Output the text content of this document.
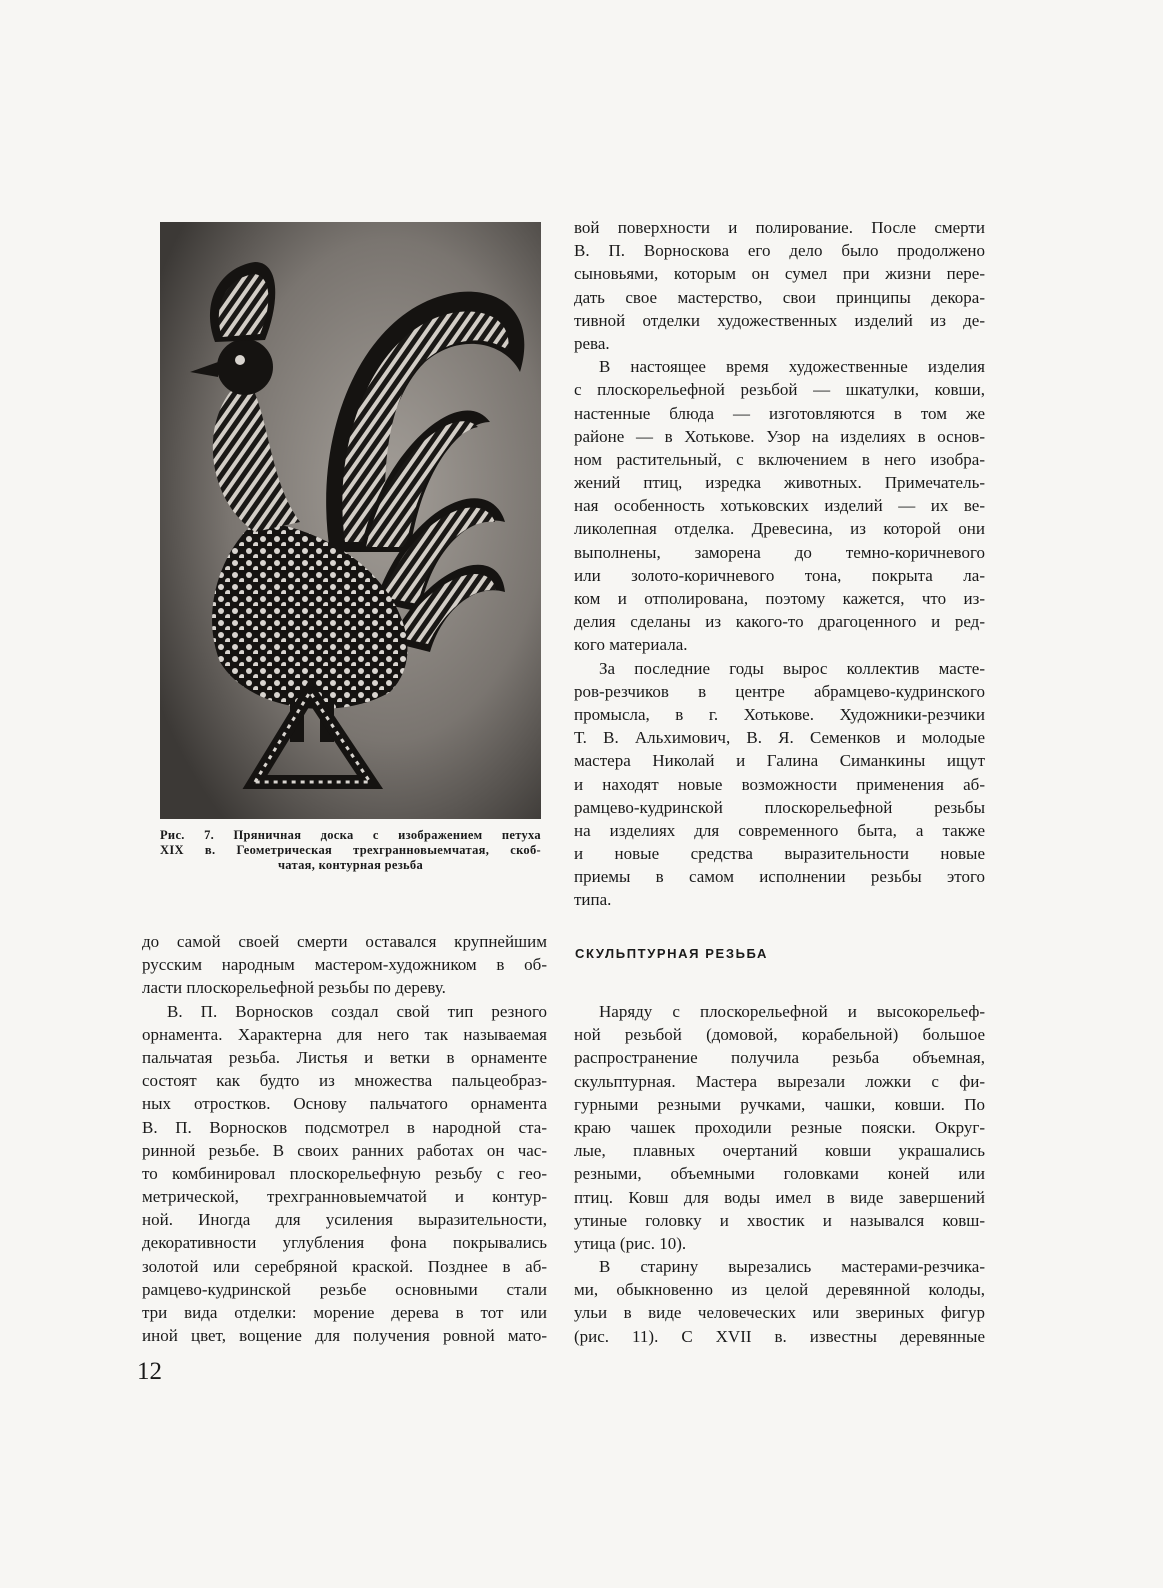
Рис. 7. Пряничная доска с изображением петуха
XIX в. Геометрическая трехгранновыемчатая, скоб-
чатая, контурная резьба
вой поверхности и полирование. После смерти
В. П. Ворноскова его дело было продолжено
сыновьями, которым он сумел при жизни пере-
дать свое мастерство, свои принципы декора-
тивной отделки художественных изделий из де-
рева.
В настоящее время художественные изделия
с плоскорельефной резьбой — шкатулки, ковши,
настенные блюда — изготовляются в том же
районе — в Хотькове. Узор на изделиях в основ-
ном растительный, с включением в него изобра-
жений птиц, изредка животных. Примечатель-
ная особенность хотьковских изделий — их ве-
ликолепная отделка. Древесина, из которой они
выполнены, заморена до темно-коричневого
или золото-коричневого тона, покрыта ла-
ком и отполирована, поэтому кажется, что из-
делия сделаны из какого-то драгоценного и ред-
кого материала.
За последние годы вырос коллектив масте-
ров-резчиков в центре абрамцево-кудринского
промысла, в г. Хотькове. Художники-резчики
Т. В. Альхимович, В. Я. Семенков и молодые
мастера Николай и Галина Симанкины ищут
и находят новые возможности применения аб-
рамцево-кудринской плоскорельефной резьбы
на изделиях для современного быта, а также
и новые средства выразительности новые
приемы в самом исполнении резьбы этого
типа.
до самой своей смерти оставался крупнейшим
русским народным мастером-художником в об-
ласти плоскорельефной резьбы по дереву.
В. П. Ворносков создал свой тип резного
орнамента. Характерна для него так называемая
пальчатая резьба. Листья и ветки в орнаменте
состоят как будто из множества пальцеобраз-
ных отростков. Основу пальчатого орнамента
В. П. Ворносков подсмотрел в народной ста-
ринной резьбе. В своих ранних работах он час-
то комбинировал плоскорельефную резьбу с гео-
метрической, трехгранновыемчатой и контур-
ной. Иногда для усиления выразительности,
декоративности углубления фона покрывались
золотой или серебряной краской. Позднее в аб-
рамцево-кудринской резьбе основными стали
три вида отделки: морение дерева в тот или
иной цвет, вощение для получения ровной мато-
СКУЛЬПТУРНАЯ РЕЗЬБА
Наряду с плоскорельефной и высокорельеф-
ной резьбой (домовой, корабельной) большое
распространение получила резьба объемная,
скульптурная. Мастера вырезали ложки с фи-
гурными резными ручками, чашки, ковши. По
краю чашек проходили резные пояски. Округ-
лые, плавных очертаний ковши украшались
резными, объемными головками коней или
птиц. Ковш для воды имел в виде завершений
утиные головку и хвостик и назывался ковш-
утица (рис. 10).
В старину вырезались мастерами-резчика-
ми, обыкновенно из целой деревянной колоды,
ульи в виде человеческих или звериных фигур
(рис. 11). С XVII в. известны деревянные
12
